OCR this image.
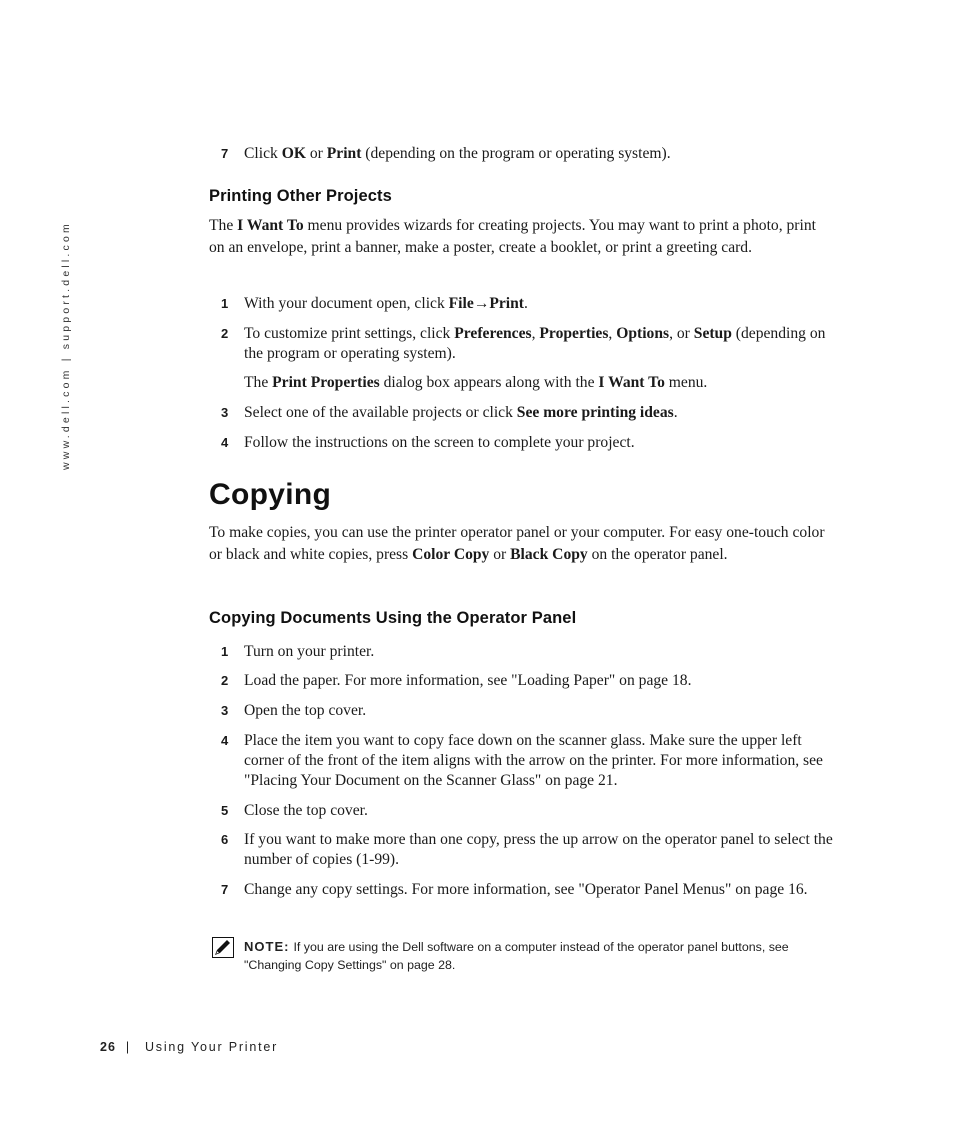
www.dell.com | support.dell.com
7 Click OK or Print (depending on the program or operating system).
Printing Other Projects
The I Want To menu provides wizards for creating projects. You may want to print a photo, print on an envelope, print a banner, make a poster, create a booklet, or print a greeting card.
1 With your document open, click File→Print.
2 To customize print settings, click Preferences, Properties, Options, or Setup (depending on the program or operating system).
The Print Properties dialog box appears along with the I Want To menu.
3 Select one of the available projects or click See more printing ideas.
4 Follow the instructions on the screen to complete your project.
Copying
To make copies, you can use the printer operator panel or your computer. For easy one-touch color or black and white copies, press Color Copy or Black Copy on the operator panel.
Copying Documents Using the Operator Panel
1 Turn on your printer.
2 Load the paper. For more information, see "Loading Paper" on page 18.
3 Open the top cover.
4 Place the item you want to copy face down on the scanner glass. Make sure the upper left corner of the front of the item aligns with the arrow on the printer. For more information, see "Placing Your Document on the Scanner Glass" on page 21.
5 Close the top cover.
6 If you want to make more than one copy, press the up arrow on the operator panel to select the number of copies (1-99).
7 Change any copy settings. For more information, see "Operator Panel Menus" on page 16.
NOTE: If you are using the Dell software on a computer instead of the operator panel buttons, see "Changing Copy Settings" on page 28.
26 | Using Your Printer
